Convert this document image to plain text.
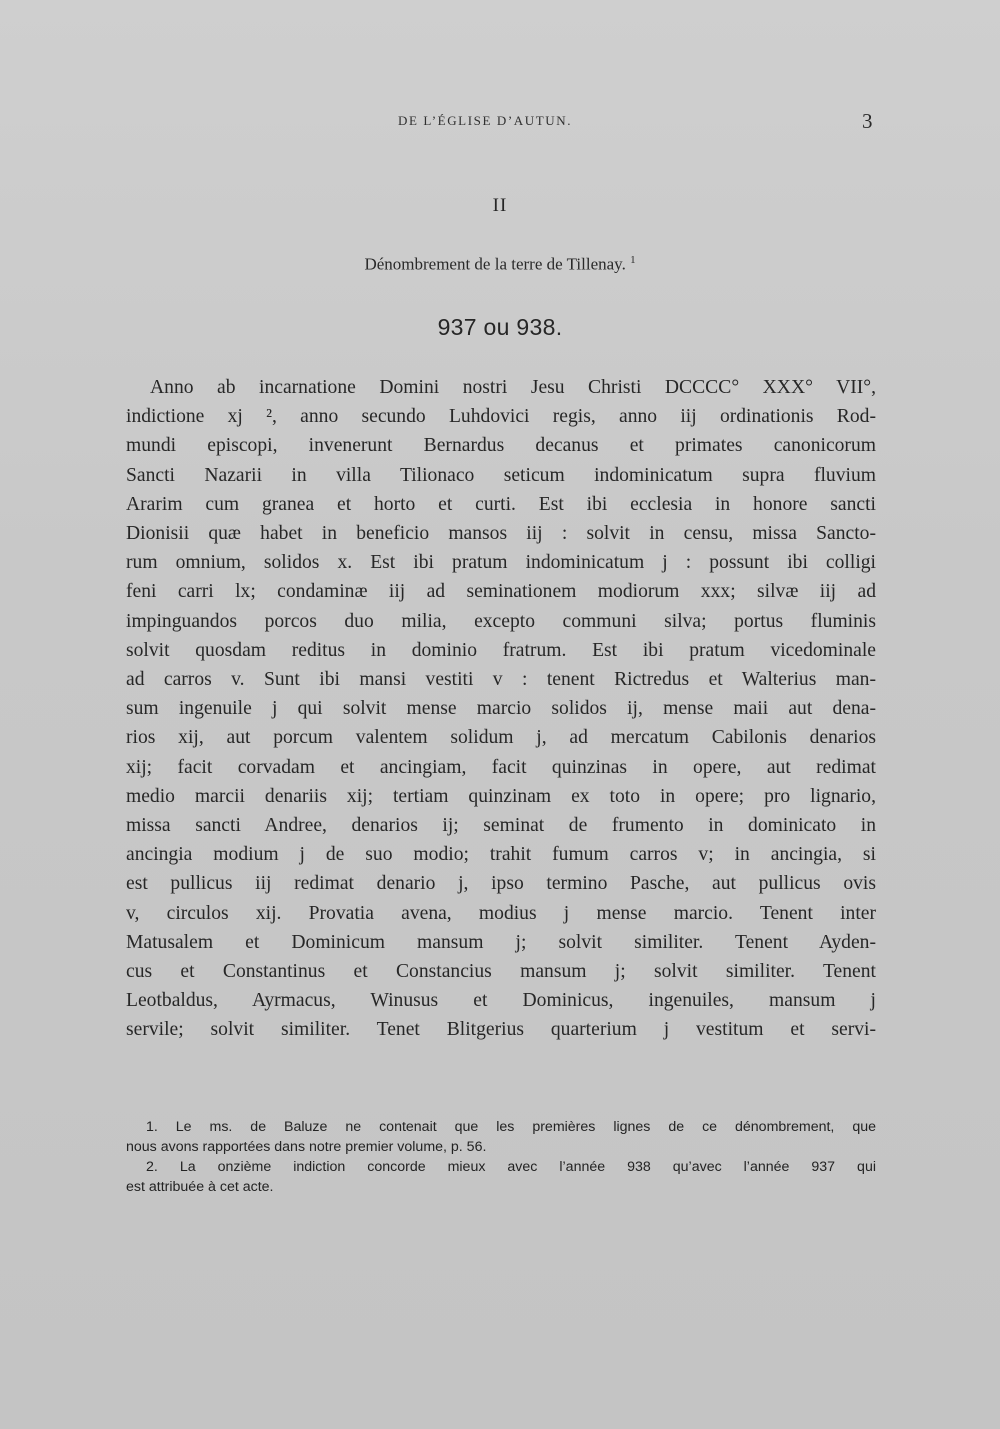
DE L’ÉGLISE D’AUTUN.	3
II
Dénombrement de la terre de Tillenay. $^1$
937 ou 938.
Anno ab incarnatione Domini nostri Jesu Christi DCCCC° XXX° VII°,
indictione xj ², anno secundo Luhdovici regis, anno iij ordinationis Rod-
mundi episcopi, invenerunt Bernardus decanus et primates canonicorum
Sancti Nazarii in villa Tilionaco seticum indominicatum supra fluvium
Ararim cum granea et horto et curti. Est ibi ecclesia in honore sancti
Dionisii quæ habet in beneficio mansos iij : solvit in censu, missa Sancto-
rum omnium, solidos x. Est ibi pratum indominicatum j : possunt ibi colligi
feni carri lx; condaminæ iij ad seminationem modiorum xxx; silvæ iij ad
impinguandos porcos duo milia, excepto communi silva; portus fluminis
solvit quosdam reditus in dominio fratrum. Est ibi pratum vicedominale
ad carros v. Sunt ibi mansi vestiti v : tenent Rictredus et Walterius man-
sum ingenuile j qui solvit mense marcio solidos ij, mense maii aut dena-
rios xij, aut porcum valentem solidum j, ad mercatum Cabilonis denarios
xij; facit corvadam et ancingiam, facit quinzinas in opere, aut redimat
medio marcii denariis xij; tertiam quinzinam ex toto in opere; pro lignario,
missa sancti Andree, denarios ij; seminat de frumento in dominicato in
ancingia modium j de suo modio; trahit fumum carros v; in ancingia, si
est pullicus iij redimat denario j, ipso termino Pasche, aut pullicus ovis
v, circulos xij. Provatia avena, modius j mense marcio. Tenent inter
Matusalem et Dominicum mansum j; solvit similiter. Tenent Ayden-
cus et Constantinus et Constancius mansum j; solvit similiter. Tenent
Leotbaldus, Ayrmacus, Winusus et Dominicus, ingenuiles, mansum j
servile; solvit similiter. Tenet Blitgerius quarterium j vestitum et servi-
1. Le ms. de Baluze ne contenait que les premières lignes de ce dénombrement, que
nous avons rapportées dans notre premier volume, p. 56.
2. La onzième indiction concorde mieux avec l’année 938 qu’avec l’année 937 qui
est attribuée à cet acte.
